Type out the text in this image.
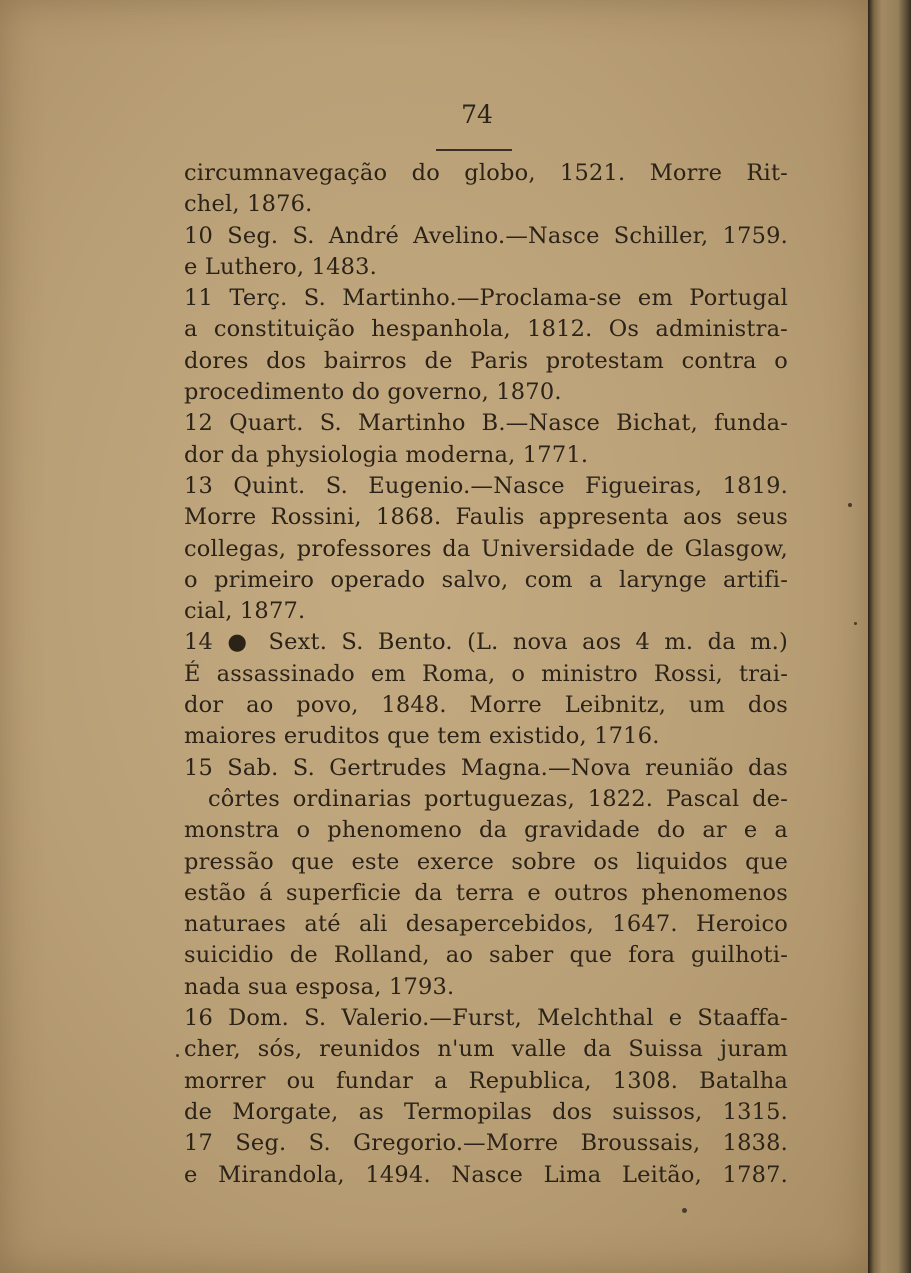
74
circumnavegação do globo, 1521. Morre Rit-
chel, 1876.
10 Seg. S. André Avelino.—Nasce Schiller, 1759.
e Luthero, 1483.
11 Terç. S. Martinho.—Proclama-se em Portugal
a constituição hespanhola, 1812. Os administra-
dores dos bairros de Paris protestam contra o
procedimento do governo, 1870.
12 Quart. S. Martinho B.—Nasce Bichat, funda-
dor da physiologia moderna, 1771.
13 Quint. S. Eugenio.—Nasce Figueiras, 1819.
Morre Rossini, 1868. Faulis appresenta aos seus
collegas, professores da Universidade de Glasgow,
o primeiro operado salvo, com a larynge artifi-
cial, 1877.
14 ● Sext. S. Bento. (L. nova aos 4 m. da m.)
É assassinado em Roma, o ministro Rossi, trai-
dor ao povo, 1848. Morre Leibnitz, um dos
maiores eruditos que tem existido, 1716.
15 Sab. S. Gertrudes Magna.—Nova reunião das
côrtes ordinarias portuguezas, 1822. Pascal de-
monstra o phenomeno da gravidade do ar e a
pressão que este exerce sobre os liquidos que
estão á superficie da terra e outros phenomenos
naturaes até ali desapercebidos, 1647. Heroico
suicidio de Rolland, ao saber que fora guilhoti-
nada sua esposa, 1793.
16 Dom. S. Valerio.—Furst, Melchthal e Staaffa-
cher, sós, reunidos n'um valle da Suissa juram
morrer ou fundar a Republica, 1308. Batalha
de Morgate, as Termopilas dos suissos, 1315.
17 Seg. S. Gregorio.—Morre Broussais, 1838.
e Mirandola, 1494. Nasce Lima Leitão, 1787.
